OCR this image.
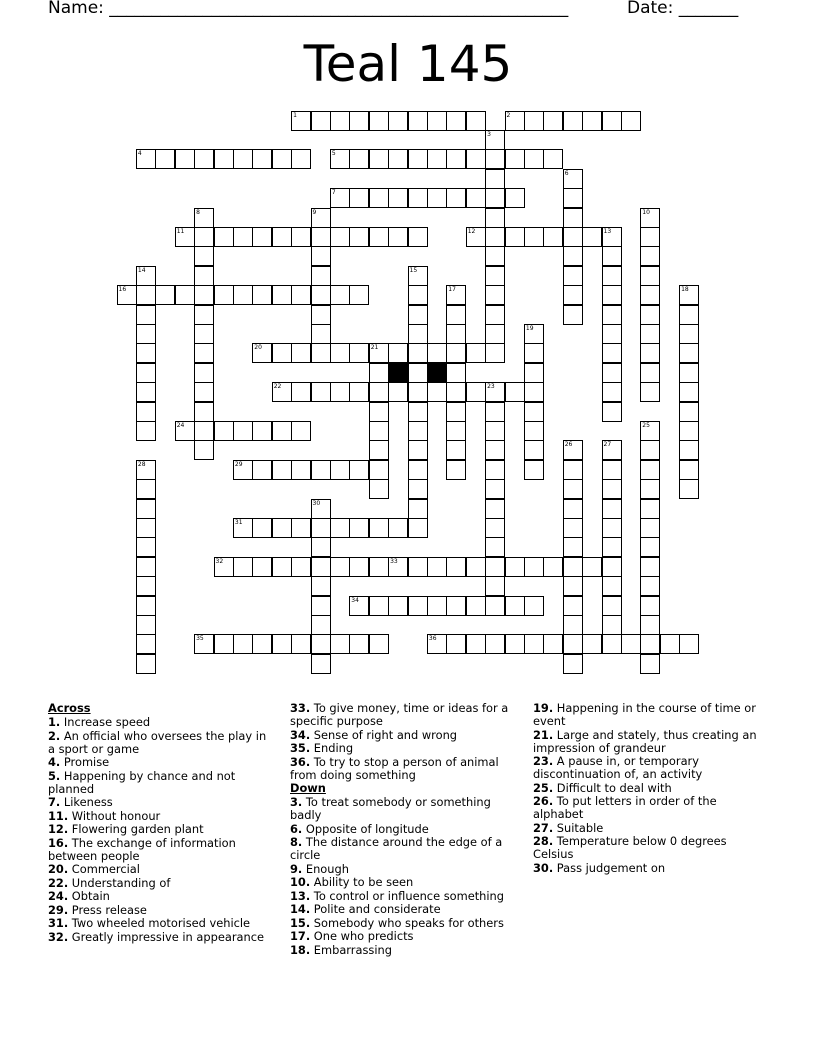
Name: ______________________________________________________	Date: _______
Teal 145
1	2
3
4	5
6
7
8	9	10
11	12	13
14	15
16	17	18
19
20	21
22	23
24	25
26	27
28	29
30
31
32	33
34
35	36
Across
1. Increase speed
2. An official who oversees the play in a sport or game
4. Promise
5. Happening by chance and not planned
7. Likeness
11. Without honour
12. Flowering garden plant
16. The exchange of information between people
20. Commercial
22. Understanding of
24. Obtain
29. Press release
31. Two wheeled motorised vehicle
32. Greatly impressive in appearance
33. To give money, time or ideas for a specific purpose
34. Sense of right and wrong
35. Ending
36. To try to stop a person of animal from doing something
Down
3. To treat somebody or something badly
6. Opposite of longitude
8. The distance around the edge of a circle
9. Enough
10. Ability to be seen
13. To control or influence something
14. Polite and considerate
15. Somebody who speaks for others
17. One who predicts
18. Embarrassing
19. Happening in the course of time or event
21. Large and stately, thus creating an impression of grandeur
23. A pause in, or temporary discontinuation of, an activity
25. Difficult to deal with
26. To put letters in order of the alphabet
27. Suitable
28. Temperature below 0 degrees Celsius
30. Pass judgement on
